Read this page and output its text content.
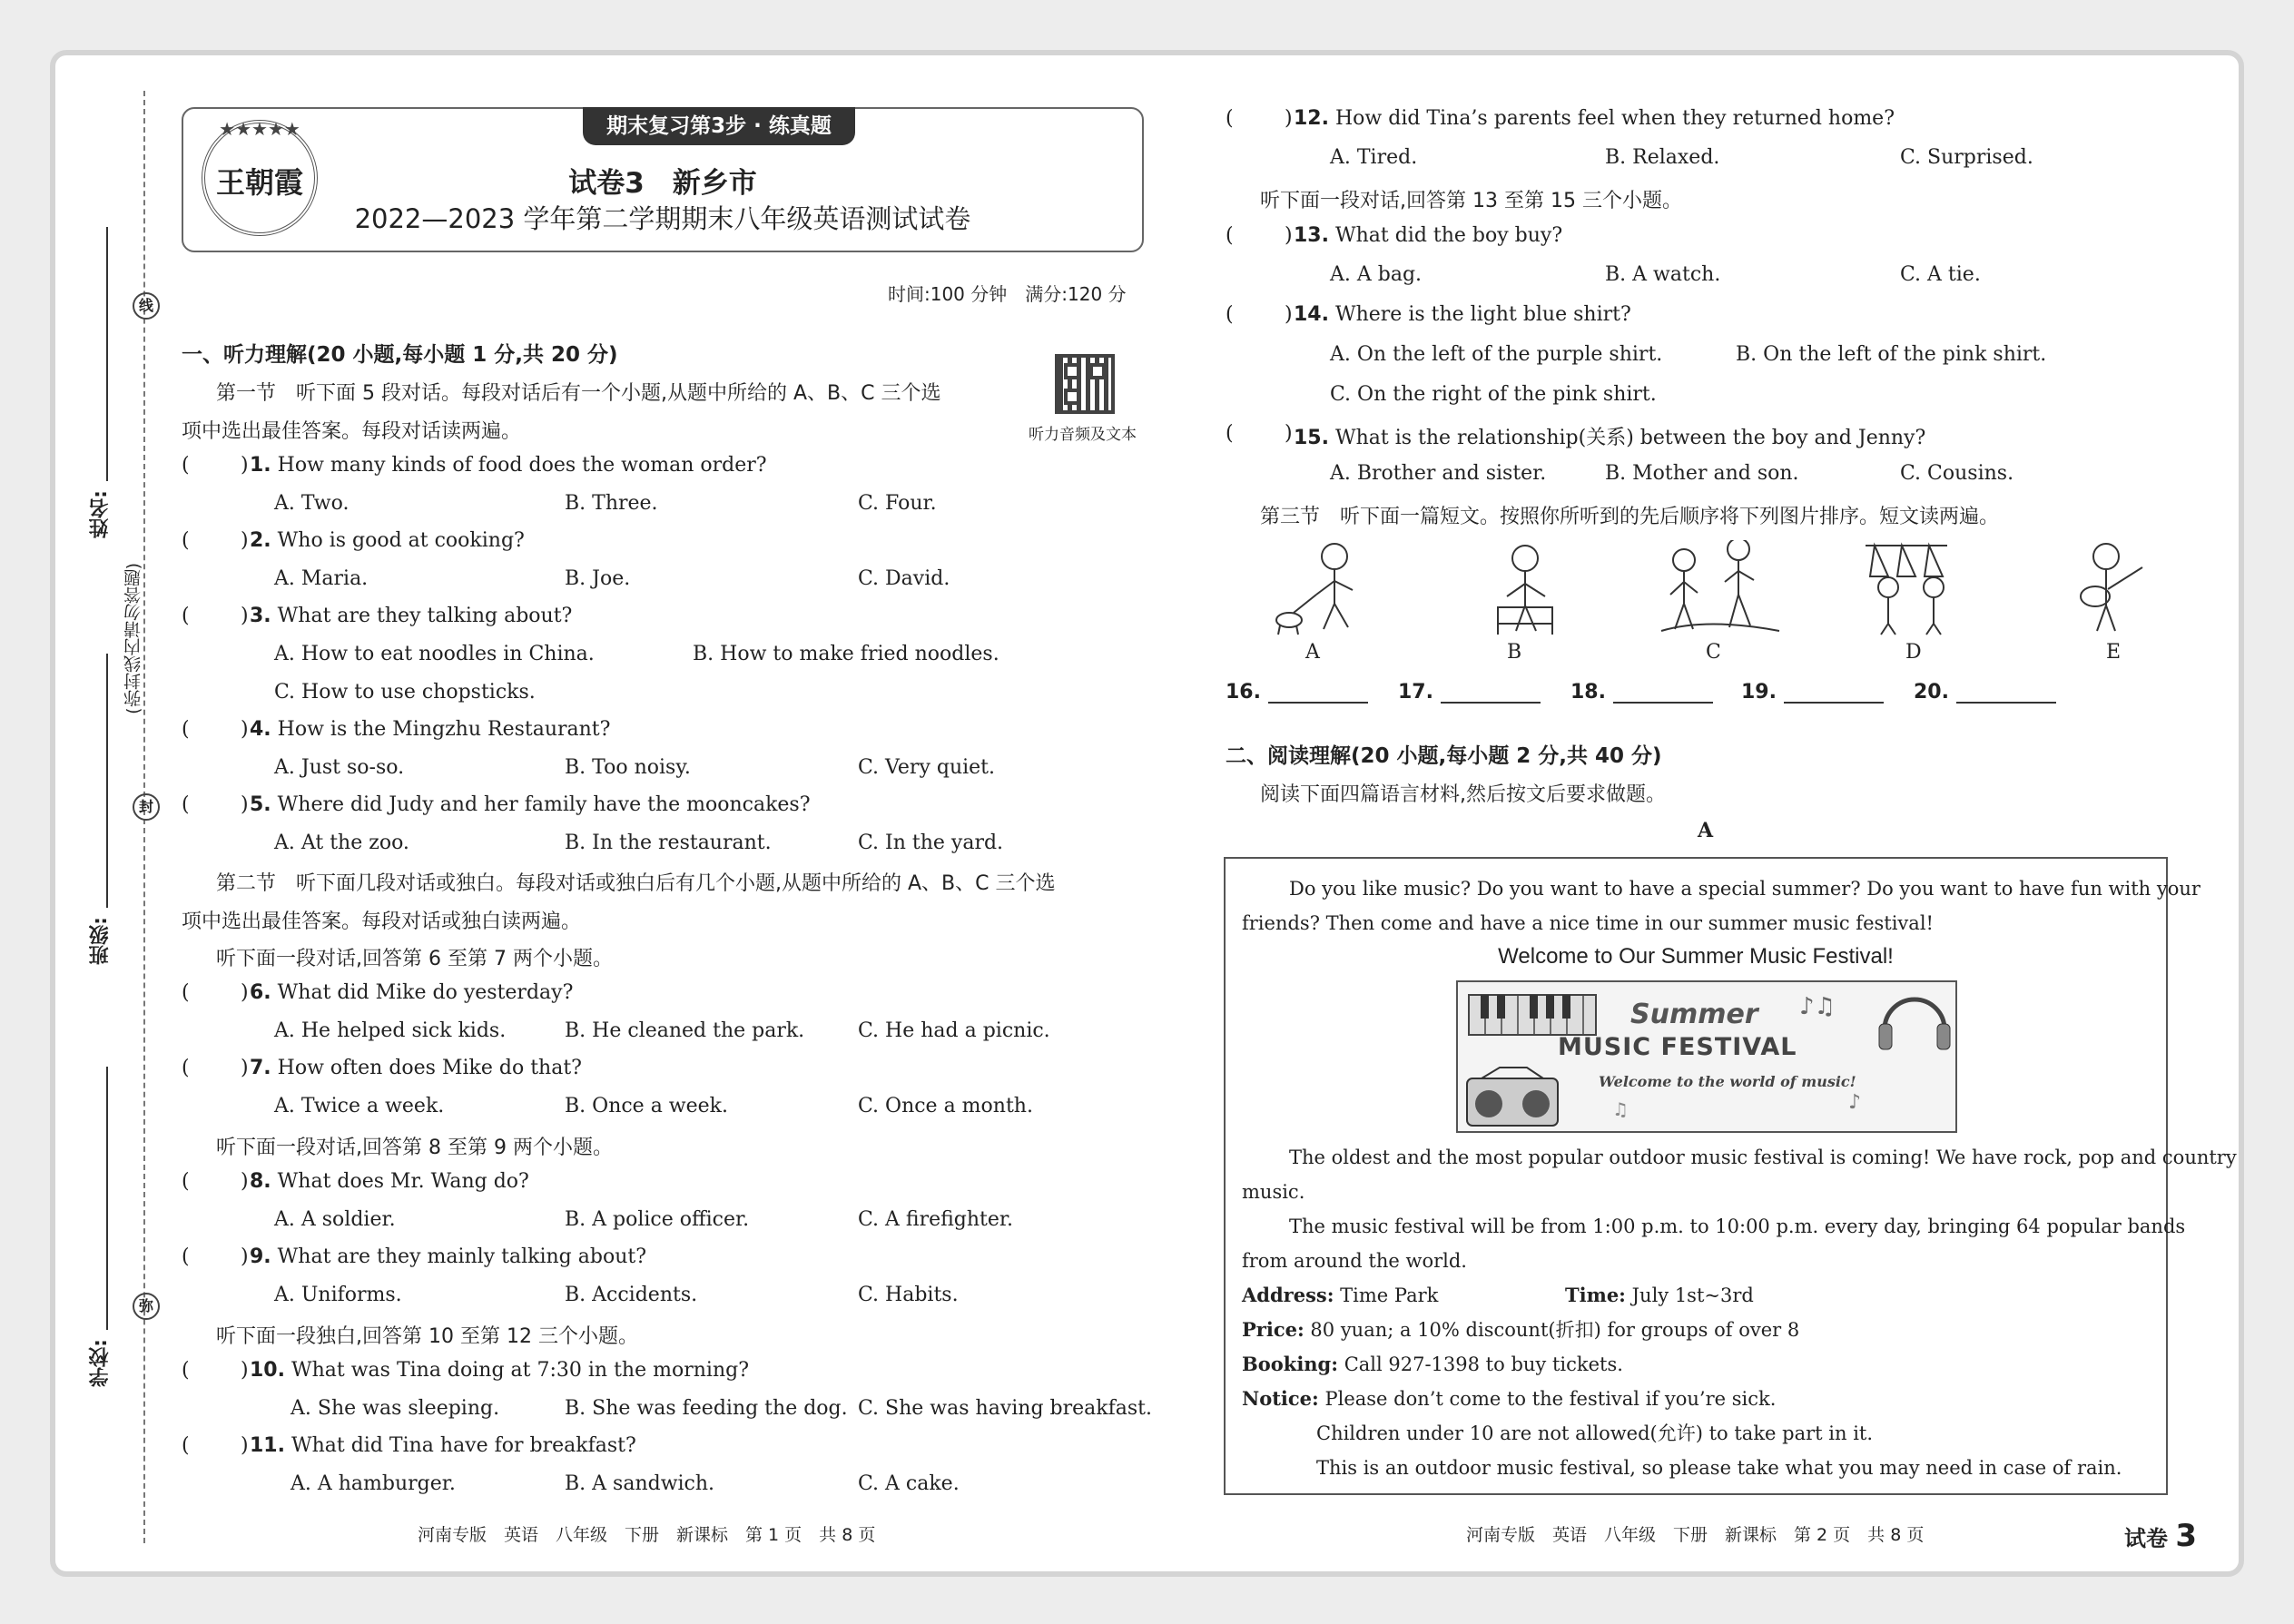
线
封
弥
(弥封线内请勿答题)
姓名:
班级:
学校:
期末复习第3步 · 练真题
★★★★★
王朝霞	试卷3　新乡市
2022—2023 学年第二学期期末八年级英语测试试卷
时间:100 分钟　满分:120 分
听力音频及文本
一、听力理解(20 小题,每小题 1 分,共 20 分)
第一节　听下面 5 段对话。每段对话后有一个小题,从题中所给的 A、B、C 三个选
项中选出最佳答案。每段对话读两遍。
(	) 1. How many kinds of food does the woman order?
A. Two.	B. Three.	C. Four.
(	) 2. Who is good at cooking?
A. Maria.	B. Joe.	C. David.
(	) 3. What are they talking about?
A. How to eat noodles in China.	B. How to make fried noodles.
C. How to use chopsticks.
(	) 4. How is the Mingzhu Restaurant?
A. Just so-so.	B. Too noisy.	C. Very quiet.
(	) 5. Where did Judy and her family have the mooncakes?
A. At the zoo.	B. In the restaurant.	C. In the yard.
第二节　听下面几段对话或独白。每段对话或独白后有几个小题,从题中所给的 A、B、C 三个选
项中选出最佳答案。每段对话或独白读两遍。
听下面一段对话,回答第 6 至第 7 两个小题。
(	) 6. What did Mike do yesterday?
A. He helped sick kids.	B. He cleaned the park.	C. He had a picnic.
(	) 7. How often does Mike do that?
A. Twice a week.	B. Once a week.	C. Once a month.
听下面一段对话,回答第 8 至第 9 两个小题。
(	) 8. What does Mr. Wang do?
A. A soldier.	B. A police officer.	C. A firefighter.
(	) 9. What are they mainly talking about?
A. Uniforms.	B. Accidents.	C. Habits.
听下面一段独白,回答第 10 至第 12 三个小题。
(	) 10. What was Tina doing at 7:30 in the morning?
A. She was sleeping.	B. She was feeding the dog. C. She was having breakfast.
(	) 11. What did Tina have for breakfast?
A. A hamburger.	B. A sandwich.	C. A cake.
河南专版　英语　八年级　下册　新课标　第 1 页　共 8 页
(	) 12. How did Tina’s parents feel when they returned home?
A. Tired.	B. Relaxed.	C. Surprised.
听下面一段对话,回答第 13 至第 15 三个小题。
(	) 13. What did the boy buy?
A. A bag.	B. A watch.	C. A tie.
(	) 14. Where is the light blue shirt?
A. On the left of the purple shirt.	B. On the left of the pink shirt.
C. On the right of the pink shirt.
(	) 15. What is the relationship(关系) between the boy and Jenny?
A. Brother and sister.	B. Mother and son.	C. Cousins.
第三节　听下面一篇短文。按照你所听到的先后顺序将下列图片排序。短文读两遍。
A	B	C	D	E
16.	17.	18.	19.	20.
二、阅读理解(20 小题,每小题 2 分,共 40 分)
阅读下面四篇语言材料,然后按文后要求做题。
A
Do you like music? Do you want to have a special summer? Do you want to have fun with your
friends? Then come and have a nice time in our summer music festival!
Welcome to Our Summer Music Festival!
Summer ♪♫
MUSIC FESTIVAL
Welcome to the world of music!
♪
♫
The oldest and the most popular outdoor music festival is coming! We have rock, pop and country
music.
The music festival will be from 1:00 p.m. to 10:00 p.m. every day, bringing 64 popular bands
from around the world.
Address: Time Park	Time: July 1st~3rd
Price: 80 yuan; a 10% discount(折扣) for groups of over 8
Booking: Call 927-1398 to buy tickets.
Notice: Please don’t come to the festival if you’re sick.
Children under 10 are not allowed(允许) to take part in it.
This is an outdoor music festival, so please take what you may need in case of rain.
河南专版　英语　八年级　下册　新课标　第 2 页　共 8 页	试卷 3
